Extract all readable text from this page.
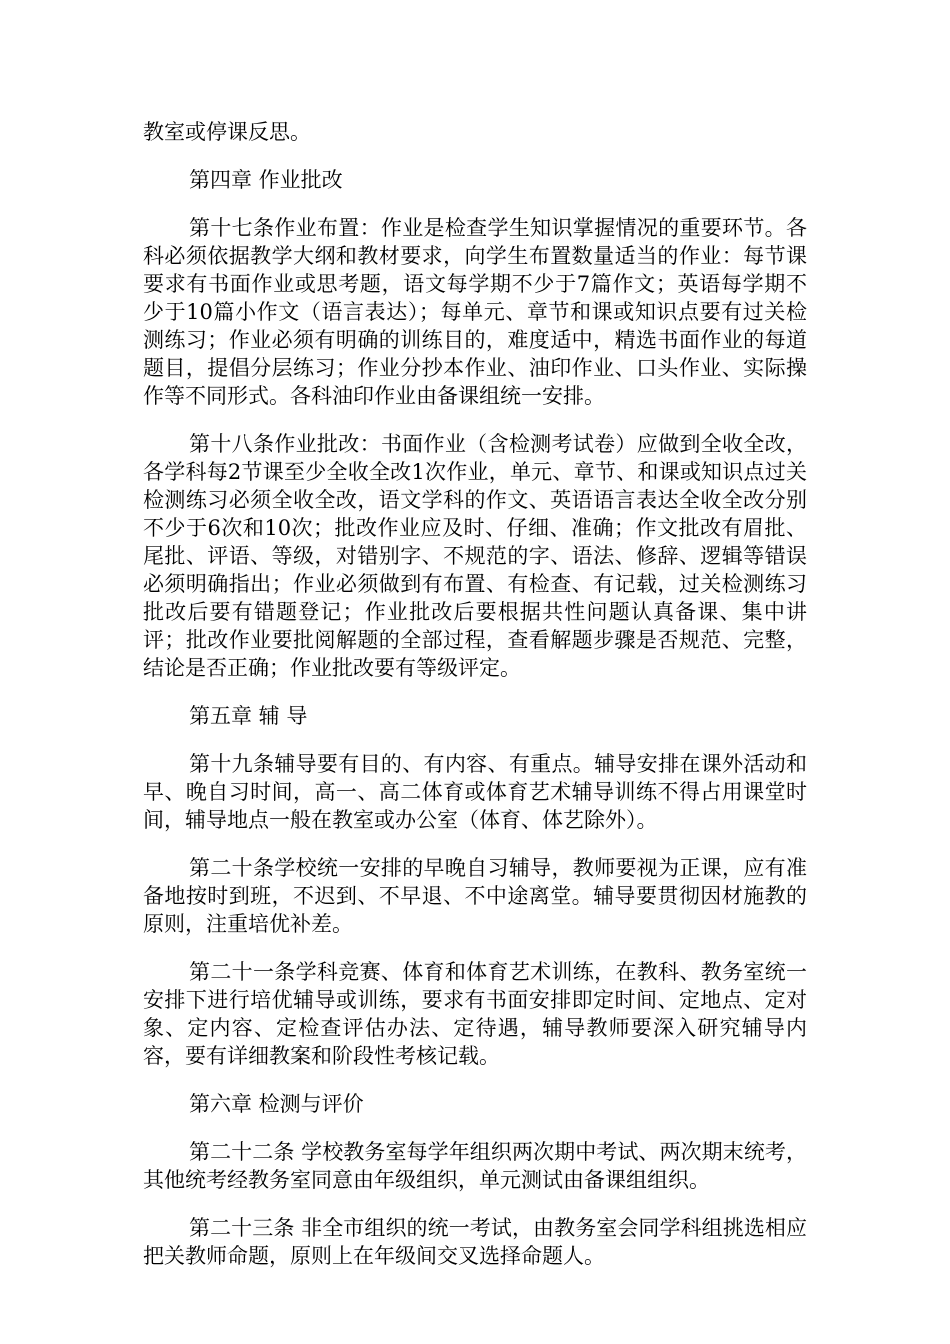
教室或停课反思。

第四章 作业批改

第十七条作业布置：作业是检查学生知识掌握情况的重要环节。各科必须依据教学大纲和教材要求，向学生布置数量适当的作业：每节课要求有书面作业或思考题，语文每学期不少于7篇作文；英语每学期不少于10篇小作文（语言表达）；每单元、章节和课或知识点要有过关检测练习；作业必须有明确的训练目的，难度适中，精选书面作业的每道题目，提倡分层练习；作业分抄本作业、油印作业、口头作业、实际操作等不同形式。各科油印作业由备课组统一安排。

第十八条作业批改：书面作业（含检测考试卷）应做到全收全改，各学科每2节课至少全收全改1次作业，单元、章节、和课或知识点过关检测练习必须全收全改，语文学科的作文、英语语言表达全收全改分别不少于6次和10次；批改作业应及时、仔细、准确；作文批改有眉批、尾批、评语、等级，对错别字、不规范的字、语法、修辞、逻辑等错误必须明确指出；作业必须做到有布置、有检查、有记载，过关检测练习批改后要有错题登记；作业批改后要根据共性问题认真备课、集中讲评；批改作业要批阅解题的全部过程，查看解题步骤是否规范、完整，结论是否正确；作业批改要有等级评定。

第五章 辅 导

第十九条辅导要有目的、有内容、有重点。辅导安排在课外活动和早、晚自习时间，高一、高二体育或体育艺术辅导训练不得占用课堂时间，辅导地点一般在教室或办公室（体育、体艺除外）。

第二十条学校统一安排的早晚自习辅导，教师要视为正课，应有准备地按时到班，不迟到、不早退、不中途离堂。辅导要贯彻因材施教的原则，注重培优补差。

第二十一条学科竞赛、体育和体育艺术训练，在教科、教务室统一安排下进行培优辅导或训练，要求有书面安排即定时间、定地点、定对象、定内容、定检查评估办法、定待遇，辅导教师要深入研究辅导内容，要有详细教案和阶段性考核记载。

第六章 检测与评价

第二十二条 学校教务室每学年组织两次期中考试、两次期末统考，其他统考经教务室同意由年级组织，单元测试由备课组组织。

第二十三条 非全市组织的统一考试，由教务室会同学科组挑选相应把关教师命题，原则上在年级间交叉选择命题人。
